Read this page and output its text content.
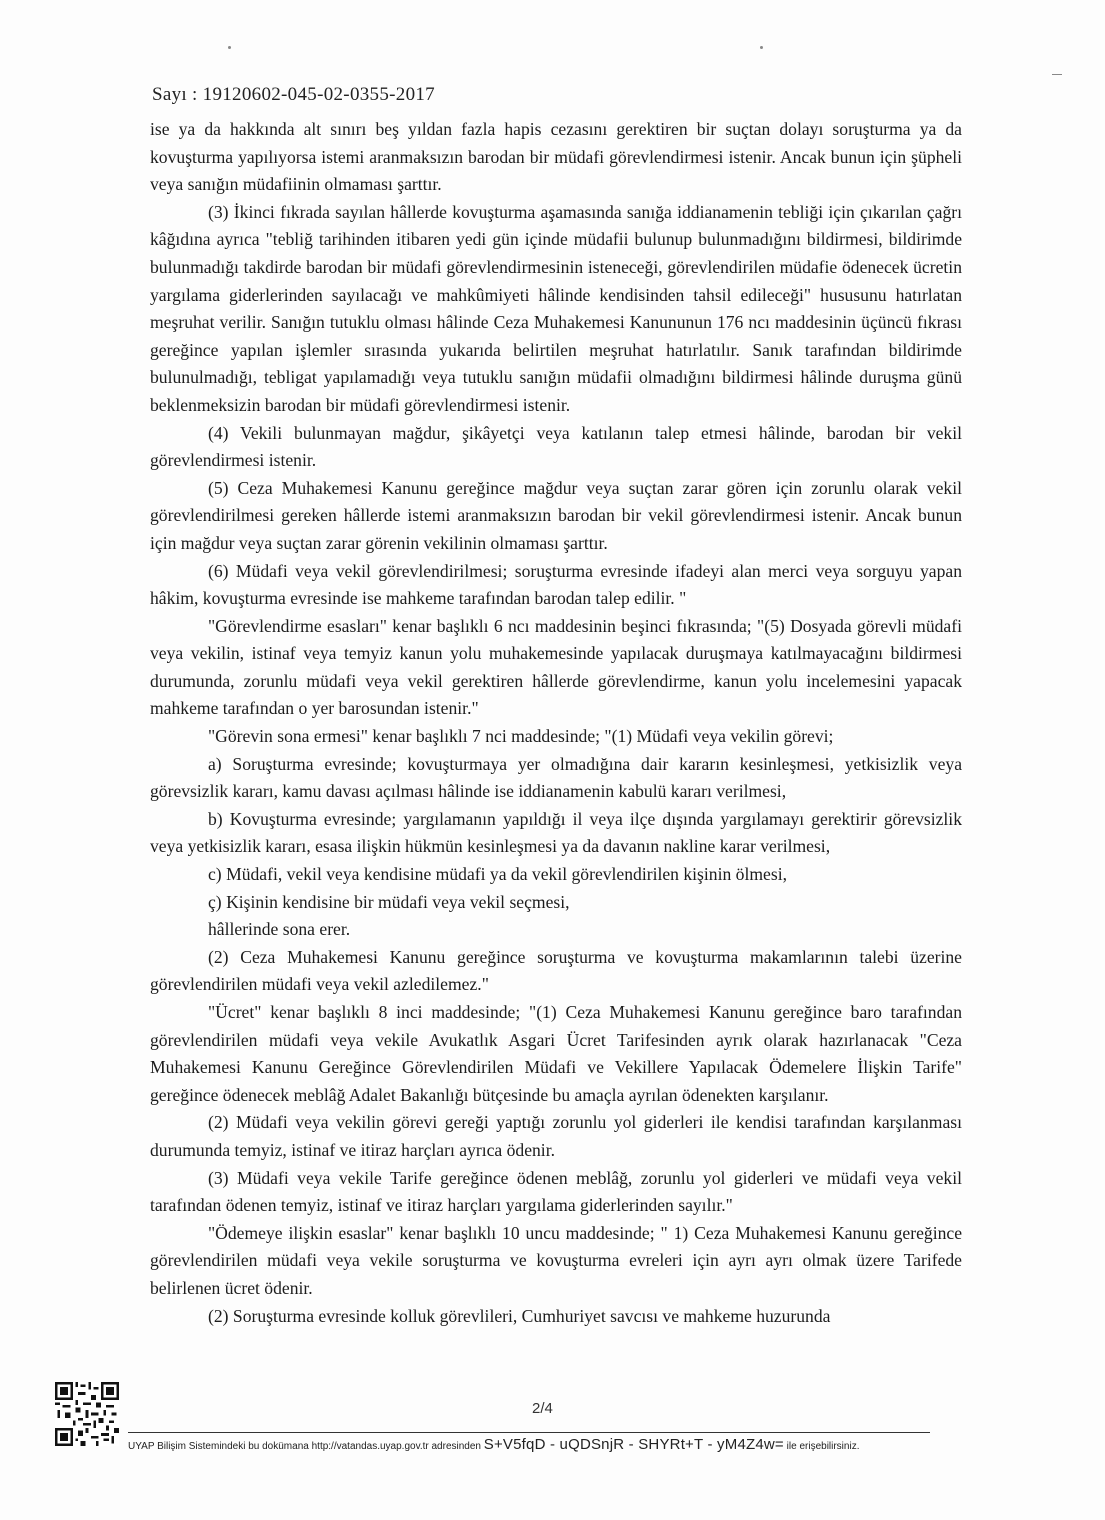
Sayı : 19120602-045-02-0355-2017

ise ya da hakkında alt sınırı beş yıldan fazla hapis cezasını gerektiren bir suçtan dolayı soruşturma ya da kovuşturma yapılıyorsa istemi aranmaksızın barodan bir müdafi görevlendirmesi istenir. Ancak bunun için şüpheli veya sanığın müdafiinin olmaması şarttır.

(3) İkinci fıkrada sayılan hâllerde kovuşturma aşamasında sanığa iddianamenin tebliği için çıkarılan çağrı kâğıdına ayrıca "tebliğ tarihinden itibaren yedi gün içinde müdafii bulunup bulunmadığını bildirmesi, bildirimde bulunmadığı takdirde barodan bir müdafi görevlendirmesinin isteneceği, görevlendirilen müdafie ödenecek ücretin yargılama giderlerinden sayılacağı ve mahkûmiyeti hâlinde kendisinden tahsil edileceği" hususunu hatırlatan meşruhat verilir. Sanığın tutuklu olması hâlinde Ceza Muhakemesi Kanununun 176 ncı maddesinin üçüncü fıkrası gereğince yapılan işlemler sırasında yukarıda belirtilen meşruhat hatırlatılır. Sanık tarafından bildirimde bulunulmadığı, tebligat yapılamadığı veya tutuklu sanığın müdafii olmadığını bildirmesi hâlinde duruşma günü beklenmeksizin barodan bir müdafi görevlendirmesi istenir.

(4) Vekili bulunmayan mağdur, şikâyetçi veya katılanın talep etmesi hâlinde, barodan bir vekil görevlendirmesi istenir.

(5) Ceza Muhakemesi Kanunu gereğince mağdur veya suçtan zarar gören için zorunlu olarak vekil görevlendirilmesi gereken hâllerde istemi aranmaksızın barodan bir vekil görevlendirmesi istenir. Ancak bunun için mağdur veya suçtan zarar görenin vekilinin olmaması şarttır.

(6) Müdafi veya vekil görevlendirilmesi; soruşturma evresinde ifadeyi alan merci veya sorguyu yapan hâkim, kovuşturma evresinde ise mahkeme tarafından barodan talep edilir. "

"Görevlendirme esasları" kenar başlıklı 6 ncı maddesinin beşinci fıkrasında; "(5) Dosyada görevli müdafi veya vekilin, istinaf veya temyiz kanun yolu muhakemesinde yapılacak duruşmaya katılmayacağını bildirmesi durumunda, zorunlu müdafi veya vekil gerektiren hâllerde görevlendirme, kanun yolu incelemesini yapacak mahkeme tarafından o yer barosundan istenir."

"Görevin sona ermesi" kenar başlıklı 7 nci maddesinde; "(1) Müdafi veya vekilin görevi;

a) Soruşturma evresinde; kovuşturmaya yer olmadığına dair kararın kesinleşmesi, yetkisizlik veya görevsizlik kararı, kamu davası açılması hâlinde ise iddianamenin kabulü kararı verilmesi,

b) Kovuşturma evresinde; yargılamanın yapıldığı il veya ilçe dışında yargılamayı gerektirir görevsizlik veya yetkisizlik kararı, esasa ilişkin hükmün kesinleşmesi ya da davanın nakline karar verilmesi,

c) Müdafi, vekil veya kendisine müdafi ya da vekil görevlendirilen kişinin ölmesi,

ç) Kişinin kendisine bir müdafi veya vekil seçmesi,

hâllerinde sona erer.

(2) Ceza Muhakemesi Kanunu gereğince soruşturma ve kovuşturma makamlarının talebi üzerine görevlendirilen müdafi veya vekil azledilemez."

"Ücret" kenar başlıklı 8 inci maddesinde; "(1) Ceza Muhakemesi Kanunu gereğince baro tarafından görevlendirilen müdafi veya vekile Avukatlık Asgari Ücret Tarifesinden ayrık olarak hazırlanacak "Ceza Muhakemesi Kanunu Gereğince Görevlendirilen Müdafi ve Vekillere Yapılacak Ödemelere İlişkin Tarife" gereğince ödenecek meblâğ Adalet Bakanlığı bütçesinde bu amaçla ayrılan ödenekten karşılanır.

(2) Müdafi veya vekilin görevi gereği yaptığı zorunlu yol giderleri ile kendisi tarafından karşılanması durumunda temyiz, istinaf ve itiraz harçları ayrıca ödenir.

(3) Müdafi veya vekile Tarife gereğince ödenen meblâğ, zorunlu yol giderleri ve müdafi veya vekil tarafından ödenen temyiz, istinaf ve itiraz harçları yargılama giderlerinden sayılır."

"Ödemeye ilişkin esaslar" kenar başlıklı 10 uncu maddesinde; " 1) Ceza Muhakemesi Kanunu gereğince görevlendirilen müdafi veya vekile soruşturma ve kovuşturma evreleri için ayrı ayrı olmak üzere Tarifede belirlenen ücret ödenir.

(2) Soruşturma evresinde kolluk görevlileri, Cumhuriyet savcısı ve mahkeme huzurunda

2/4
UYAP Bilişim Sistemindeki bu dokümana http://vatandas.uyap.gov.tr adresinden S+V5fqD - uQDSnjR - SHYRt+T - yM4Z4w= ile erişebilirsiniz.
